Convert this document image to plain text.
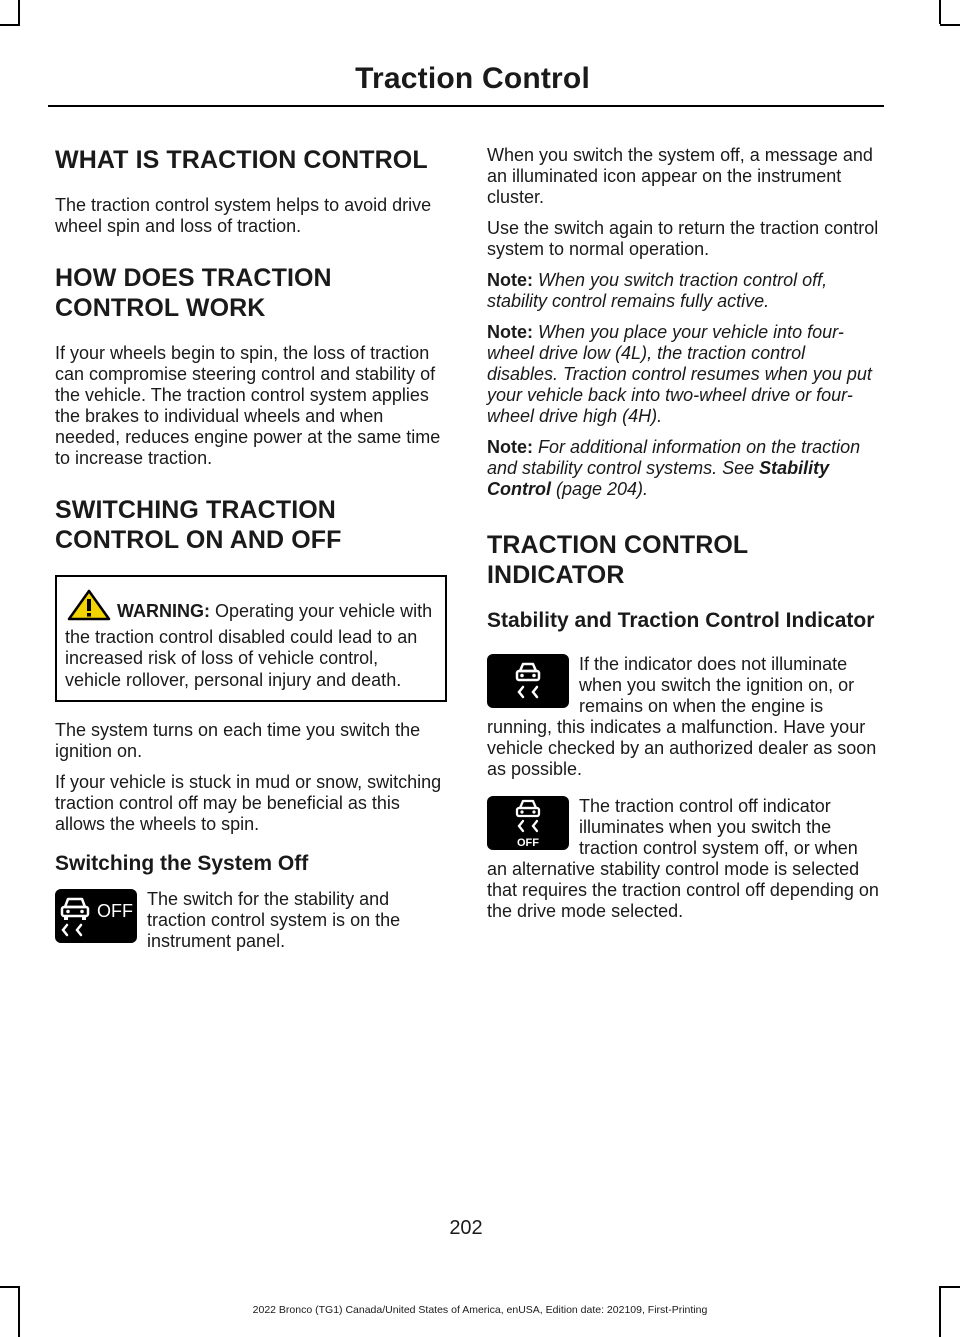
Traction Control
WHAT IS TRACTION CONTROL

The traction control system helps to avoid drive wheel spin and loss of traction.

HOW DOES TRACTION
CONTROL WORK

If your wheels begin to spin, the loss of traction can compromise steering control and stability of the vehicle. The traction control system applies the brakes to individual wheels and when needed, reduces engine power at the same time to increase traction.

SWITCHING TRACTION
CONTROL ON AND OFF
WARNING: Operating your vehicle with the traction control disabled could lead to an increased risk of loss of vehicle control, vehicle rollover, personal injury and death.

The system turns on each time you switch the ignition on.

If your vehicle is stuck in mud or snow, switching traction control off may be beneficial as this allows the wheels to spin.

Switching the System Off
OFF

The switch for the stability and traction control system is on the instrument panel.

When you switch the system off, a message and an illuminated icon appear on the instrument cluster.

Use the switch again to return the traction control system to normal operation.

Note: When you switch traction control off, stability control remains fully active.

Note: When you place your vehicle into four-wheel drive low (4L), the traction control disables. Traction control resumes when you put your vehicle back into two-wheel drive or four-wheel drive high (4H).

Note: For additional information on the traction and stability control systems. See Stability Control (page 204).

TRACTION CONTROL
INDICATOR
Stability and Traction Control Indicator

If the indicator does not illuminate when you switch the ignition on, or remains on when the engine is running, this indicates a malfunction. Have your vehicle checked by an authorized dealer as soon as possible.

OFF

The traction control off indicator illuminates when you switch the traction control system off, or when an alternative stability control mode is selected that requires the traction control off depending on the drive mode selected.

202
2022 Bronco (TG1) Canada/United States of America, enUSA, Edition date: 202109, First-Printing
